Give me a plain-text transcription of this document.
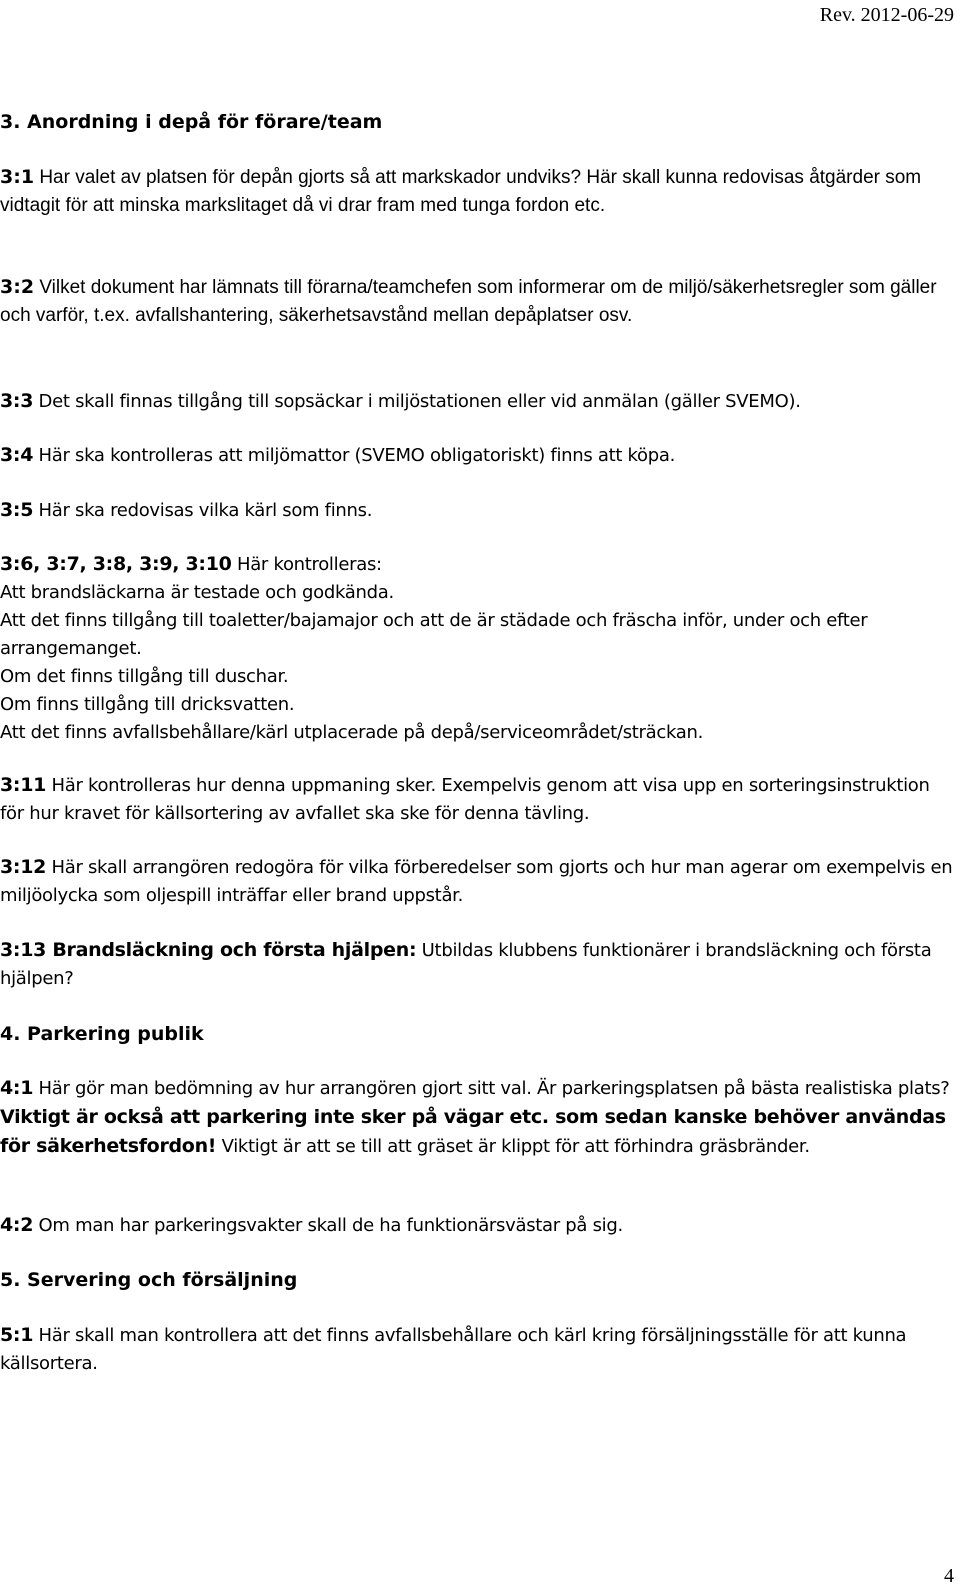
Rev. 2012-06-29

3. Anordning i depå för förare/team

3:1 Har valet av platsen för depån gjorts så att markskador undviks? Här skall kunna redovisas åtgärder som vidtagit för att minska markslitaget då vi drar fram med tunga fordon etc.

3:2 Vilket dokument har lämnats till förarna/teamchefen som informerar om de miljö/säkerhetsregler som gäller och varför, t.ex. avfallshantering, säkerhetsavstånd mellan depåplatser osv.

3:3 Det skall finnas tillgång till sopsäckar i miljöstationen eller vid anmälan (gäller SVEMO).

3:4 Här ska kontrolleras att miljömattor (SVEMO obligatoriskt) finns att köpa.

3:5 Här ska redovisas vilka kärl som finns.

3:6, 3:7, 3:8, 3:9, 3:10 Här kontrolleras:
Att brandsläckarna är testade och godkända.
Att det finns tillgång till toaletter/bajamajor och att de är städade och fräscha inför, under och efter arrangemanget.
Om det finns tillgång till duschar.
Om finns tillgång till dricksvatten.
Att det finns avfallsbehållare/kärl utplacerade på depå/serviceområdet/sträckan.

3:11 Här kontrolleras hur denna uppmaning sker. Exempelvis genom att visa upp en sorteringsinstruktion för hur kravet för källsortering av avfallet ska ske för denna tävling.

3:12 Här skall arrangören redogöra för vilka förberedelser som gjorts och hur man agerar om exempelvis en miljöolycka som oljespill inträffar eller brand uppstår.

3:13 Brandsläckning och första hjälpen: Utbildas klubbens funktionärer i brandsläckning och första hjälpen?

4. Parkering publik

4:1 Här gör man bedömning av hur arrangören gjort sitt val. Är parkeringsplatsen på bästa realistiska plats? Viktigt är också att parkering inte sker på vägar etc. som sedan kanske behöver användas för säkerhetsfordon! Viktigt är att se till att gräset är klippt för att förhindra gräsbränder.

4:2 Om man har parkeringsvakter skall de ha funktionärsvästar på sig.

5. Servering och försäljning

5:1 Här skall man kontrollera att det finns avfallsbehållare och kärl kring försäljningsställe för att kunna källsortera.

4
